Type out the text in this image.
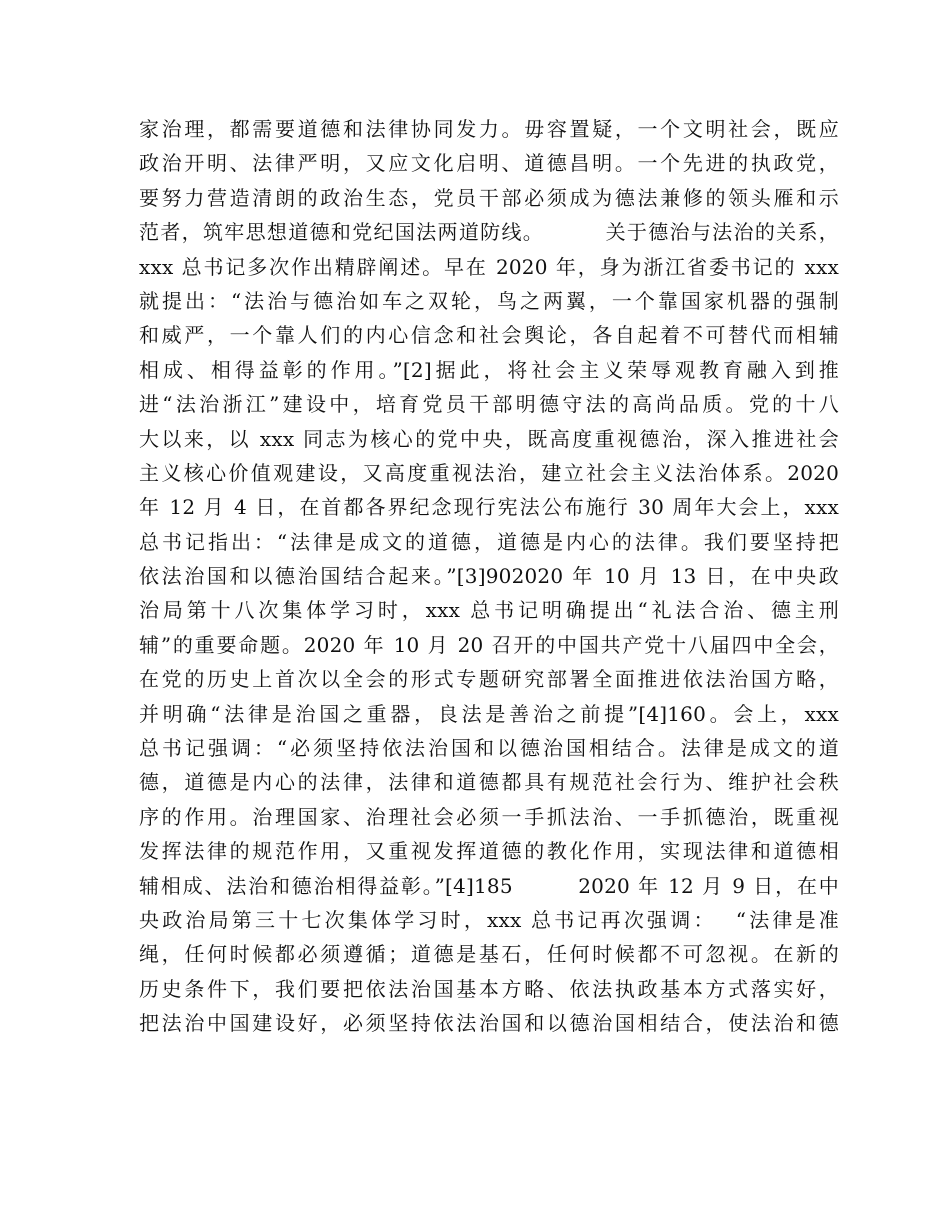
家治理，都需要道德和法律协同发力。毋容置疑，一个文明社会，既应
政治开明、法律严明，又应文化启明、道德昌明。一个先进的执政党，
要努力营造清朗的政治生态，党员干部必须成为德法兼修的领头雁和示
范者，筑牢思想道德和党纪国法两道防线。        关于德治与法治的关系，
xxx 总书记多次作出精辟阐述。早在 2020 年，身为浙江省委书记的 xxx
就提出：“法治与德治如车之双轮，鸟之两翼，一个靠国家机器的强制
和威严，一个靠人们的内心信念和社会舆论，各自起着不可替代而相辅
相成、相得益彰的作用。”[2]据此，将社会主义荣辱观教育融入到推
进“法治浙江”建设中，培育党员干部明德守法的高尚品质。党的十八
大以来，以 xxx 同志为核心的党中央，既高度重视德治，深入推进社会
主义核心价值观建设，又高度重视法治，建立社会主义法治体系。2020
年 12 月 4 日，在首都各界纪念现行宪法公布施行 30 周年大会上，xxx
总书记指出：“法律是成文的道德，道德是内心的法律。我们要坚持把
依法治国和以德治国结合起来。”[3]902020 年 10 月 13 日，在中央政
治局第十八次集体学习时，xxx 总书记明确提出“礼法合治、德主刑
辅”的重要命题。2020 年 10 月 20 召开的中国共产党十八届四中全会，
在党的历史上首次以全会的形式专题研究部署全面推进依法治国方略，
并明确“法律是治国之重器，良法是善治之前提”[4]160。会上，xxx
总书记强调：“必须坚持依法治国和以德治国相结合。法律是成文的道
德，道德是内心的法律，法律和道德都具有规范社会行为、维护社会秩
序的作用。治理国家、治理社会必须一手抓法治、一手抓德治，既重视
发挥法律的规范作用，又重视发挥道德的教化作用，实现法律和道德相
辅相成、法治和德治相得益彰。”[4]185        2020 年 12 月 9 日，在中
央政治局第三十七次集体学习时，xxx 总书记再次强调：  “法律是准
绳，任何时候都必须遵循；道德是基石，任何时候都不可忽视。在新的
历史条件下，我们要把依法治国基本方略、依法执政基本方式落实好，
把法治中国建设好，必须坚持依法治国和以德治国相结合，使法治和德
